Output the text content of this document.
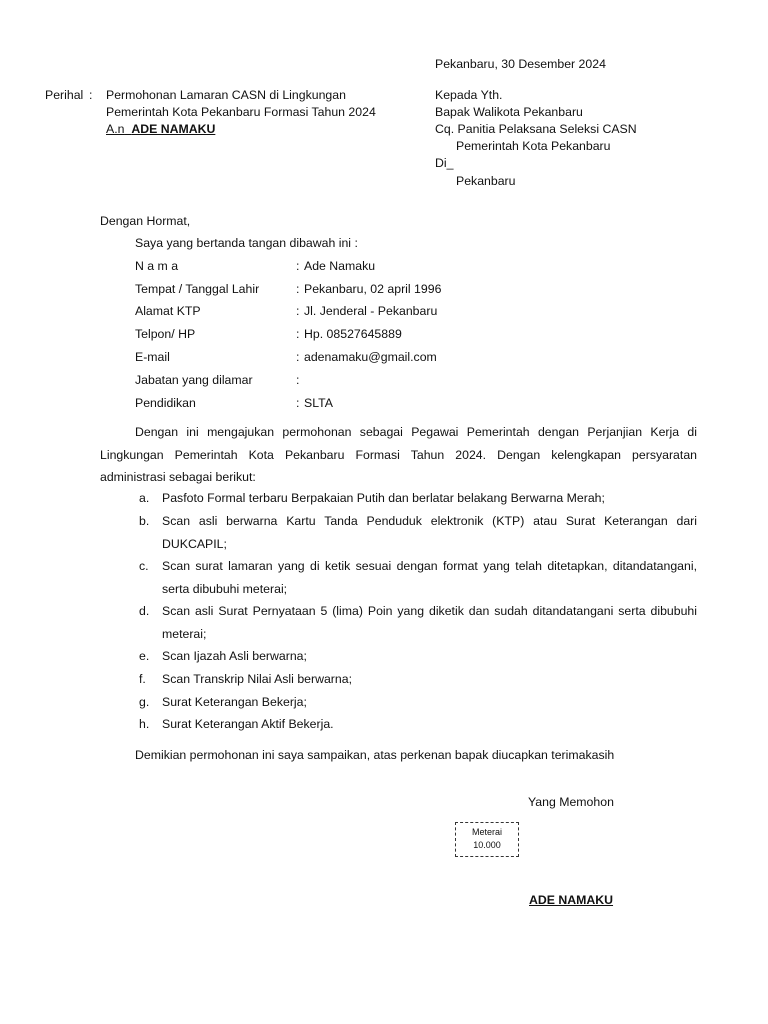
Pekanbaru, 30 Desember 2024
Perihal : Permohonan Lamaran CASN di Lingkungan
Pemerintah Kota Pekanbaru Formasi Tahun 2024
A.n ADE NAMAKU
Kepada Yth.
Bapak Walikota Pekanbaru
Cq. Panitia Pelaksana Seleksi CASN
Pemerintah Kota Pekanbaru
Di_
Pekanbaru
Dengan Hormat,
Saya yang bertanda tangan dibawah ini :
N a m a	: Ade Namaku
Tempat / Tanggal Lahir	: Pekanbaru, 02 april 1996
Alamat KTP	: Jl. Jenderal - Pekanbaru
Telpon/ HP	: Hp. 08527645889
E-mail	: adenamaku@gmail.com
Jabatan yang dilamar	:
Pendidikan	: SLTA
Dengan ini mengajukan permohonan sebagai Pegawai Pemerintah dengan Perjanjian Kerja di Lingkungan Pemerintah Kota Pekanbaru Formasi Tahun 2024. Dengan kelengkapan persyaratan administrasi sebagai berikut:
a. Pasfoto Formal terbaru Berpakaian Putih dan berlatar belakang Berwarna Merah;
b. Scan asli berwarna Kartu Tanda Penduduk elektronik (KTP) atau Surat Keterangan dari DUKCAPIL;
c. Scan surat lamaran yang di ketik sesuai dengan format yang telah ditetapkan, ditandatangani, serta dibubuhi meterai;
d. Scan asli Surat Pernyataan 5 (lima) Poin yang diketik dan sudah ditandatangani serta dibubuhi meterai;
e. Scan Ijazah Asli berwarna;
f. Scan Transkrip Nilai Asli berwarna;
g. Surat Keterangan Bekerja;
h. Surat Keterangan Aktif Bekerja.
Demikian permohonan ini saya sampaikan, atas perkenan bapak diucapkan terimakasih
Yang Memohon
Meterai
10.000
ADE NAMAKU
